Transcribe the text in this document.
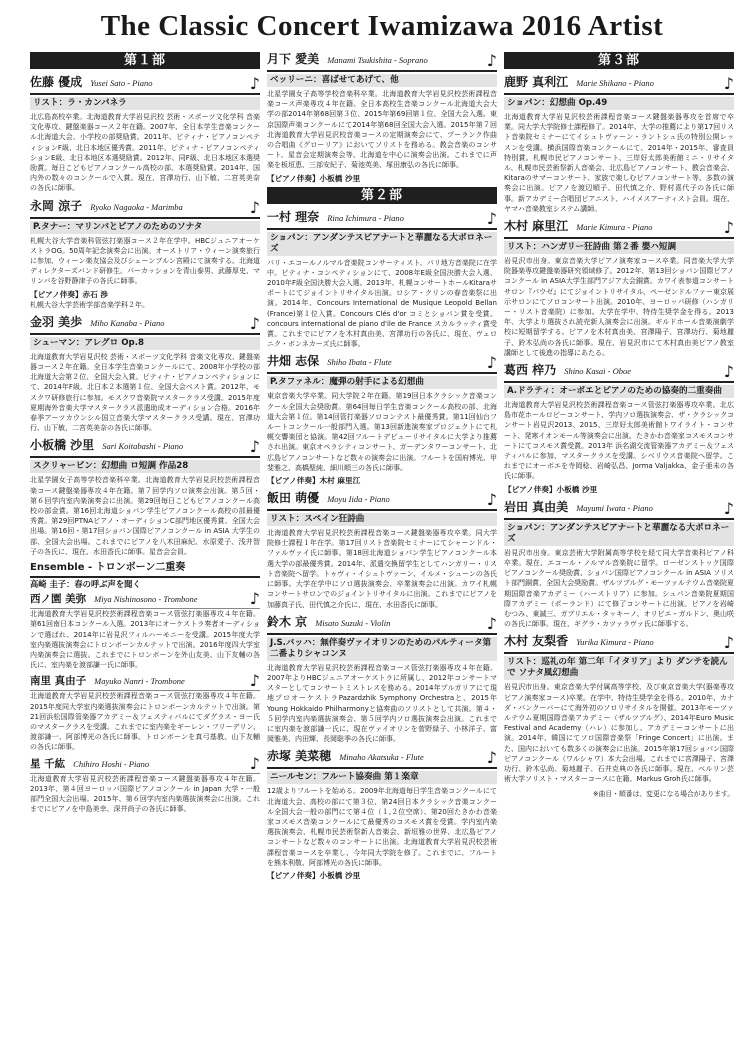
The Classic Concert Iwamizawa 2016 Artist
第１部
佐藤 優成 Yusei Sato - Piano	♪
リスト：ラ・カンパネラ

北広島高校卒業。北海道教育大学岩見沢校 芸術・スポーツ文化学科 音楽文化専攻、鍵盤楽器コース２年在籍。2007年、全日本学生音楽コンクール北海道大会、小学校の部奨励賞。2011年、ピティナ・ピアノコンペティションF級、北日本地区優秀賞。2011年、ピティナ・ピアノコンペティションE級、北日本地区本選奨励賞。2012年、同F級、北日本地区本選奨励賞。毎日こどもピアノコンクール高校の部、本選奨励賞。2014年、国内外の数々のコンクールで入賞。現在、宮澤功行、山下敏、二宮英美奈の各氏に師事。

永岡 涼子 Ryoko Nagaoka - Marimba	♪
P.タナー：マリンバとピアノのためのソナタ

札幌大谷大学音楽科管弦打楽器コース２年在学中。HBCジュニアオーケストラOG。50周年記念演奏会に出演。オーストリア・ウィーン演奏旅行に参加、ウィーン楽友協会及びシェーンブルン宮殿にて演奏する。北海道ディレクターズバンド研修生。パーカッションを青山泰男、武藤厚史、マリンバを谷野静津子の各氏に師事。

【ピアノ伴奏】赤石 渉

札幌大谷大学芸術学部音楽学科２年。

金羽 美歩 Miho Kanaba - Piano	♪
シューマン：アレグロ Op.8

北海道教育大学岩見沢校 芸術・スポーツ文化学科 音楽文化専攻、鍵盤楽器コース２年在籍。全日本学生音楽コンクールにて、2008年小学校の部北海道大会第２位、全国大会入賞。ピティナ・ピアノコンペティションにて、2014年F級、北日本２本選第１位、全国大会ベスト賞。2012年、モスクワ研修旅行に参加。モスクワ音楽院マスタークラス受講。2015年度夏期海外音楽大学マスタークラス派遣助成オーディション合格。2016年春季アーツカウンシル国立音楽大学マスタークラス受講。現在、宮澤功行、山下敏、二宮英美奈の各氏に師事。

小板橋 沙里 Sari Koitabashi - Piano	♪
スクリャービン：幻想曲 ロ短調 作品28

北星学園女子高等学校音楽科卒業。北海道教育大学岩見沢校芸術課程音楽コース鍵盤楽器専攻４年在籍。第７回学内ソロ演奏会出演。第５回・第６回学内室内楽演奏会に出演。第29回毎日こどもピアノコンクール高校の部金賞。第16回北海道ショパン学生ピアノコンクール高校の部最優秀賞。第29回PTNAピアノ・オーディションC部門地区優秀賞、全国大会出場。第16回・第17回ショパン国際ピアノコンクール in ASIA 大学生の部、全国大会出場。これまでにピアノを八木田麻紀、水原愛子、浅井智子の各氏に、現在、水田香氏に師事。星音会会員。

Ensemble - トロンボーン二重奏
高崎 圭子：春の呼ぶ声を聞く
西ノ園 美弥 Miya Nishinosono - Trombone	♪

北海道教育大学岩見沢校芸術課程音楽コース管弦打楽器専攻４年在籍。第61回南日本コンクール入選。2013年にオーケストラ奏者オーディションで選ばれ、2014年に岩見沢フィルハーモニーを受講。2015年度大学室内楽選抜演奏会にトロンボーンカルテットで出演。2016年度四大学室内楽演奏会に選抜。これまでにトロンボーンを外山友美、山下友輔の各氏に、室内楽を渡部謙一氏に師事。

南里 真由子 Mayuko Nanri - Trombone	♪

北海道教育大学岩見沢校芸術課程音楽コース管弦打楽器専攻４年在籍。2015年度同大学室内楽選抜演奏会にトロンボーンカルテットで出演。第21回浜松国際管楽器アカデミー＆フェスティバルにてダグラス・ヨー氏のマスタークラスを受講。これまでに室内楽をギーレン・フリーデリン、渡部謙一、阿部博光の各氏に師事。トロンボーンを真弓基教、山下友輔の各氏に師事。

星 千紘 Chihiro Hoshi - Piano	♪

北海道教育大学岩見沢校芸術課程音楽コース鍵盤楽器専攻４年在籍。2013年、第４回ヨーロッパ国際ピアノコンクール in Japan 大学・一般部門全国大会出場。2015年、第６回学内室内楽選抜演奏会に出演。これまでにピアノを中島美幸、深井尚子の各氏に師事。

月下 愛美 Manami Tsukishita - Soprano	♪
ベッリーニ：喜ばせてあげて、他

北星学園女子高等学校音楽科卒業。北海道教育大学岩見沢校芸術課程音楽コース声楽専攻４年在籍。全日本高校生音楽コンクール北海道大会大学の部2014年第68回第３位、2015年第69回第１位、全国大会入選。東京国際声楽コンクールにて2014年第68回全国大会入選。2015年第７回北海道教育大学岩見沢校音楽コースの定期演奏会にて、プーランク作曲の合唱曲《グローリア》においてソリストを務める。教会音楽のコンサート、星音会定期演奏会等、北海道を中心に演奏会出演。これまでに声楽を板垣恵、三部安紀子、菊池英美、塚田康弘の各氏に師事。

【ピアノ伴奏】小板橋 沙里
第２部
一村 理奈 Rina Ichimura - Piano	♪
ショパン：アンダンテスピアナートと華麗なる大ポロネーズ

パリ・エコールノルマル音楽院コンサーティスト、パリ地方音楽院に在学中。ピティナ・コンペティションにて、2008年E級全国決勝大会入選、2010年F級全国決勝大会入選。2013年、札幌コンサートホールKitaraサポートにてジョイントリサイタル出演。ロシア・クリンの春音楽祭に出演。2014年、Concours International de Musique Leopold Bellan (France)第１位入賞。Concours Clés d'or コミとショパン賞を受賞。concours international de piano d'ile de France スカルラッティ賞受賞。これまでにピアノを木村真由美、宮澤功行の各氏に、現在、ヴェロニク・ボンネカーズ氏に師事。

井畑 志保 Shiho Ibata - Flute	♪
P.タファネル：魔弾の射手による幻想曲

東京音楽大学卒業。同大学院２年在籍。第19回日本クラシック音楽コンクール全国大会奨励賞。第64回毎日学生音楽コンクール高校の部、北海道大会第１位。第14回管打楽器ソロコンテスト最優秀賞。第11回仙台フルートコンクール一般部門入選。第13回新進演奏家プロジェクトにて札幌交響楽団と協演。第42回フルートデビューリサイタルに大学より推薦され出演。東京オペラシティコンサート、ガーデンタワーコンサート、北広島ピアノコンサートなど数々の演奏会に出演。フルートを国府博光、甲斐雅之、高橋聖純、細川順三の各氏に師事。

【ピアノ伴奏】木村 麻里江
飯田 萌優 Moyu Iida - Piano	♪
リスト：スペイン狂詩曲

北海道教育大学岩見沢校芸術課程音楽コース鍵盤楽器専攻卒業。同大学院修士課程１年在学。第17回リスト音楽院セミナーにてシャーンドル・ファルヴァイ氏に師事。第18回北海道ショパン学生ピアノコンクール本選大学の部最優秀賞。2014年、派遣交換留学生としてハンガリー・リスト音楽院へ留学。トゥヴィ・イシュトヴァーン、イルメ・シューンの各氏に師事。大学在学中にソロ選抜演奏会、卒業演奏会に出演。カワイ札幌コンサートサロンでのジョイントリサイタルに出演。これまでにピアノを加藤真子氏、田代慎之介氏に、現在、水田香氏に師事。

鈴木 京 Misato Suzuki - Violin	♪
J.S.バッハ：無伴奏ヴァイオリンのためのパルティータ第二番よりシャコンヌ

北海道教育大学岩見沢校芸術課程音楽コース管弦打楽器専攻４年在籍。2007年よりHBCジュニアオーケストラに所属し、2012年コンサートマスターとしてコンサートミストレスを務める。2014年ブルガリアにて現地プロオーケストラPazardzhik Symphony Orchestraと、2015年Young Hokkaido Philharmonyと協奏曲のソリストとして共演。第４・５回学内室内楽選抜演奏会、第５回学内ソロ選抜演奏会出演。これまでに室内楽を渡部謙一氏に、現在ヴァイオリンを菅野緑子、小林洋子、富岡雅美、内田輝、長岡聡季の各氏に師事。

赤塚 美菜穂 Minaho Akatsuka - Flute	♪
ニールセン：フルート協奏曲 第１楽章

12歳よりフルートを始める。2009年北海道毎日学生音楽コンクールにて北海道大会、高校の部にて第３位、第24回日本クラシック音楽コンクール全国大会一般の部門にて第４位（１,２位空席）、第20回たきかわ音楽家コスモス音楽コンクールにて最優秀のコスモス賞を受賞。学内室内楽選抜演奏会、札幌市民芸術祭新人音楽会、新垣雅の世界、北広島ピアノコンサートなど数々のコンサートに出演。北海道教育大学岩見沢校芸術課程音楽コースを卒業し、今年同大学院を修了。これまでに、フルートを熊本利敬、阿部博光の各氏に師事。

【ピアノ伴奏】小板橋 沙里
第３部
鹿野 真利江 Marie Shikano - Piano	♪
ショパン：幻想曲 Op.49

北海道教育大学岩見沢校芸術課程音楽コース鍵盤楽器専攻を首席で卒業。同大学大学院修士課程修了。2014年、大学の推薦により第17回リスト音楽院セミナーにてイシュトヴァーン・ラントシュ氏の特別公開レッスンを受講。横浜国際音楽コンクールにて、2014年・2015年、審査員特別賞。札幌市民ピアノコンサート、三岸好太郎美術館ミニ・リサイタル、札幌市民芸術祭新人音楽会、北広島ピアノコンサート、教会音楽会、Kitaraのサマーコンサート、家族で楽しむピアノコンサート等、多数の演奏会に出演。ピアノを渡辺順子、田代慎之介、野村喜代子の各氏に師事。新アカデミー合唱団ピアニスト、ハイメスアーティスト会員。現在、ヤマハ音楽教室システム講師。

木村 麻里江 Marie Kimura - Piano	♪
リスト：ハンガリー狂詩曲 第２番 嬰ハ短調

岩見沢市出身。東京音楽大学ピアノ演奏家コース卒業。同音楽大学大学院器楽専攻鍵盤楽器研究領域修了。2012年、第13回ショパン国際ピアノコンクール in ASIA大学生部門アジア大会銅賞。カワイ表参道コンサートサロン『パウゼ』にてジョイントリサイタル、ペーゼンドルファー東京展示サロンにてソロコンサート出演。2010年、ヨーロッパ研修（ハンガリー・リスト音楽院）に参加。大学在学中、特待生奨学金を得る。2013年、大学より選抜され読売新人演奏会に出演。ギルドホール音楽演劇学校に短期留学する。ピアノを木村真由美、宮澤陽子、宮澤功行、菊地麗子、鈴木弘尚の各氏に師事。現在、岩見沢市にて木村真由美ピアノ教室講師として後進の指導にあたる。

葛西 梓乃 Shino Kasai - Oboe	♪
A.ドラティ：オーボエとピアノのための協奏的二重奏曲

北海道教育大学岩見沢校芸術課程音楽コース管弦打楽器専攻卒業。北広島市花ホールロビーコンサート、学内ソロ選抜演奏会、ザ・クラシックコンサート岩見沢2013、2015、三岸好太郎美術館トワイライト・コンサート、発寒イオンモール等演奏会に出演。たきかわ音楽家コスモスコンサートにてコスモス賞受賞。2013年 浜名湖交流管楽器アカデミー＆フェスティバルに参加、マスタークラスを受講。シベリウス音楽院へ留学。これまでにオーボエを寺岡稔、岩崎弘昌、Jorma Valjakka、金子亜未の各氏に師事。

【ピアノ伴奏】小板橋 沙里
岩田 真由美 Mayumi Iwata - Piano	♪
ショパン：アンダンテスピアナートと華麗なる大ポロネーズ

岩見沢市出身。東京芸術大学附属高等学校を経て同大学音楽科ピアノ科卒業。現在、エコール・ノルマル音楽院に留学。ローゼンストック国際ピアノコンクール奨励賞、ショパン国際ピアノコンクール in ASIA ソリスト部門銅賞、全国大会奨励賞。ザルツブルグ・モーツァルテウム音楽院夏期国際音楽アカデミー（ハーストリア）に参加。シュパン音楽院夏期国際アカデミー（ポーランド）にて修了コンサートに出演。ピアノを岩崎むつみ、東誠三、ガブリエル・タッキーノ、オリビエ・ガルドン、奥山咲の各氏に師事。現在、ギグラ・カツァラヴァ氏に師事する。

木村 友梨香 Yurika Kimura - Piano	♪
リスト：巡礼の年 第二年「イタリア」より ダンテを読んで ソナタ風幻想曲

岩見沢市出身。東京音楽大学付属高等学校、及び東京音楽大学(器楽専攻ピアノ演奏家コース)卒業。在学中、特待生奨学金を得る。2010年、カナダ・バンクーバーにて海外初のソロリサイタルを開催。2013年モーツァルテウム夏期国際音楽アカデミー（ザルツブルグ）、2014年Euro Music Festival and Academy（ハレ）に参加し、アカデミーコンサートに出演。2014年、韓国にてソロ国際音楽祭「Fringe Concert」に出演。また、国内においても数多くの演奏会に出演。2015年第17回ショパン国際ピアノコンクール（ワルシャワ）本大会出場。これまでに宮澤陽子、宮澤功行、鈴木弘尚、菊地麗子、石井克典の各氏に師事。現在、ベルリン芸術大学ソリスト・マスターコースに在籍、Markus Groh氏に師事。

※曲目・順番は、変更になる場合があります。
